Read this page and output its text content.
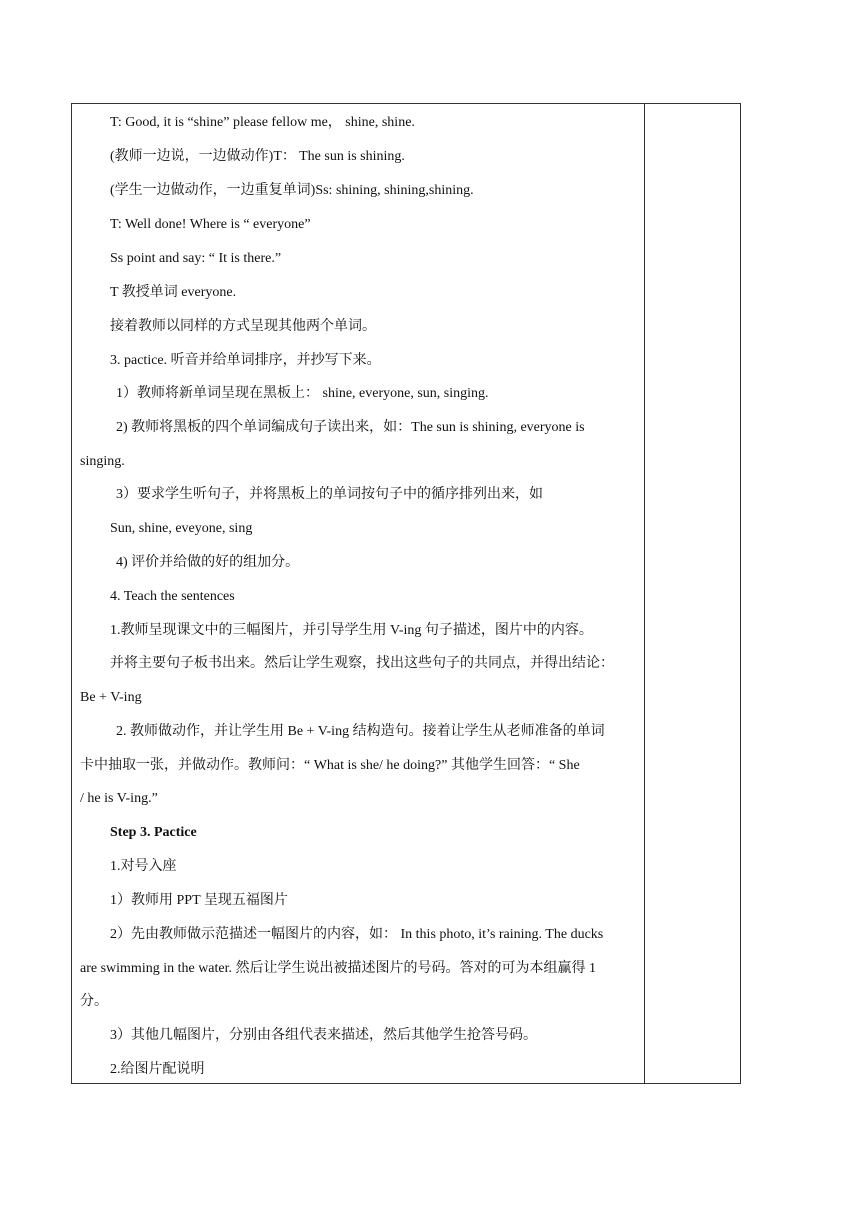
T: Good, it is “shine” please fellow me， shine, shine.
(教师一边说，一边做动作)T： The sun is shining.
(学生一边做动作，一边重复单词)Ss: shining, shining,shining.
T: Well done! Where is “ everyone”
Ss point and say: “ It is there.”
T 教授单词 everyone.
接着教师以同样的方式呈现其他两个单词。
3. pactice. 听音并给单词排序，并抄写下来。
1）教师将新单词呈现在黑板上： shine, everyone, sun, singing.
2) 教师将黑板的四个单词编成句子读出来，如：The sun is shining, everyone is
singing.
3）要求学生听句子，并将黑板上的单词按句子中的循序排列出来，如
Sun, shine, eveyone, sing
4) 评价并给做的好的组加分。
4. Teach the sentences
1.教师呈现课文中的三幅图片，并引导学生用 V-ing 句子描述，图片中的内容。
并将主要句子板书出来。然后让学生观察，找出这些句子的共同点，并得出结论：
Be + V-ing
2. 教师做动作，并让学生用 Be + V-ing 结构造句。接着让学生从老师准备的单词
卡中抽取一张，并做动作。教师问：“ What is she/ he doing?” 其他学生回答：“ She
/ he is V-ing.”
Step 3. Pactice
1.对号入座
1）教师用 PPT 呈现五福图片
2）先由教师做示范描述一幅图片的内容，如： In this photo, it’s raining. The ducks
are swimming in the water. 然后让学生说出被描述图片的号码。答对的可为本组赢得 1
分。
3）其他几幅图片，分别由各组代表来描述，然后其他学生抢答号码。
2.给图片配说明
